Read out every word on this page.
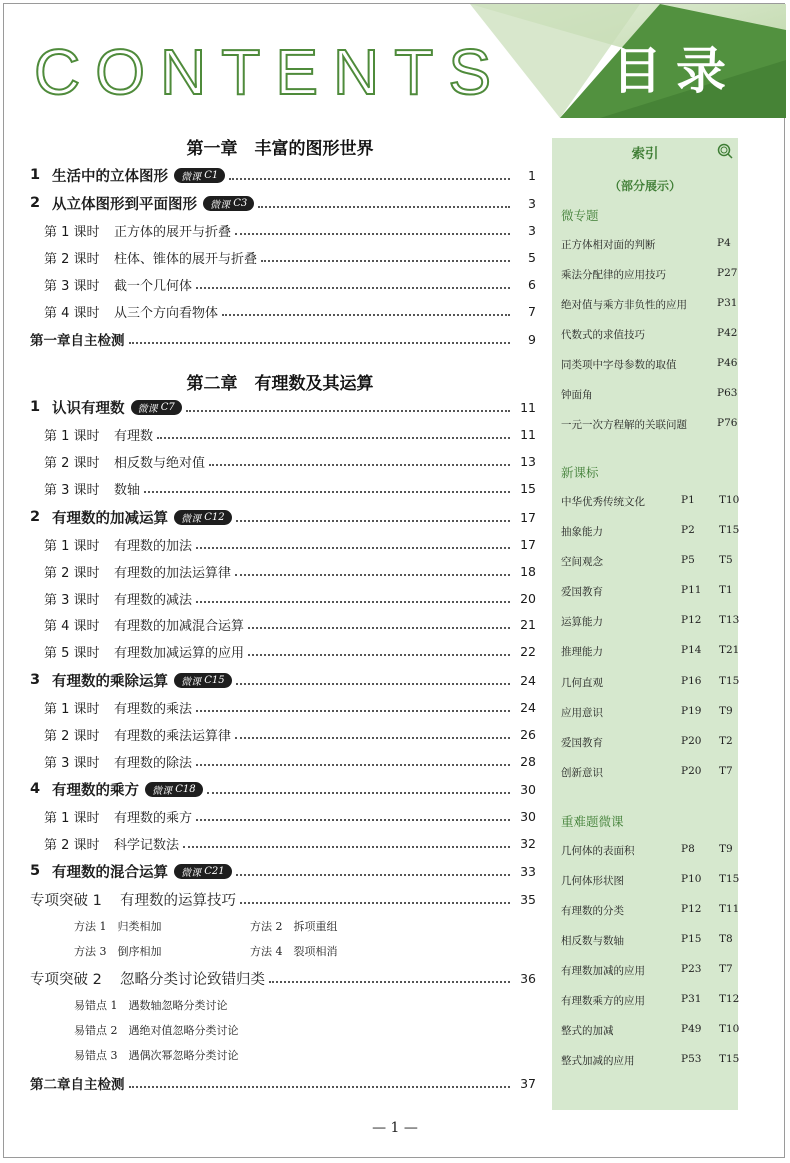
CONTENTS 目录
第一章　丰富的图形世界
1 生活中的立体图形	微课 C1	1
2 从立体图形到平面图形	微课 C3	3
第 1 课时	正方体的展开与折叠	3
第 2 课时	柱体、锥体的展开与折叠	5
第 3 课时	截一个几何体	6
第 4 课时	从三个方向看物体	7
第一章自主检测	9
第二章　有理数及其运算
1 认识有理数	微课 C7	11
第 1 课时	有理数	11
第 2 课时	相反数与绝对值	13
第 3 课时	数轴	15
2 有理数的加减运算	微课 C12	17
第 1 课时	有理数的加法	17
第 2 课时	有理数的加法运算律	18
第 3 课时	有理数的减法	20
第 4 课时	有理数的加减混合运算	21
第 5 课时	有理数加减运算的应用	22
3 有理数的乘除运算	微课 C15	24
第 1 课时	有理数的乘法	24
第 2 课时	有理数的乘法运算律	26
第 3 课时	有理数的除法	28
4 有理数的乘方	微课 C18	30
第 1 课时	有理数的乘方	30
第 2 课时	科学记数法	32
5 有理数的混合运算	微课 C21	33
专项突破 1	有理数的运算技巧	35
方法 1　归类相加	方法 2　拆项重组
方法 3　倒序相加	方法 4　裂项相消
专项突破 2	忽略分类讨论致错归类	36
易错点 1　遇数轴忽略分类讨论
易错点 2　遇绝对值忽略分类讨论
易错点 3　遇偶次幂忽略分类讨论
第二章自主检测	37
索引
（部分展示）
微专题
正方体相对面的判断	P4
乘法分配律的应用技巧	P27
绝对值与乘方非负性的应用	P31
代数式的求值技巧	P42
同类项中字母参数的取值	P46
钟面角	P63
一元一次方程解的关联问题	P76
新课标
中华优秀传统文化	P1 T10
抽象能力	P2 T15
空间观念	P5 T5
爱国教育	P11 T1
运算能力	P12 T13
推理能力	P14 T21
几何直观	P16 T15
应用意识	P19 T9
爱国教育	P20 T2
创新意识	P20 T7
重难题微课
几何体的表面积	P8 T9
几何体形状图	P10 T15
有理数的分类	P12 T11
相反数与数轴	P15 T8
有理数加减的应用	P23 T7
有理数乘方的应用	P31 T12
整式的加减	P49 T10
整式加减的应用	P53 T15
— 1 —
